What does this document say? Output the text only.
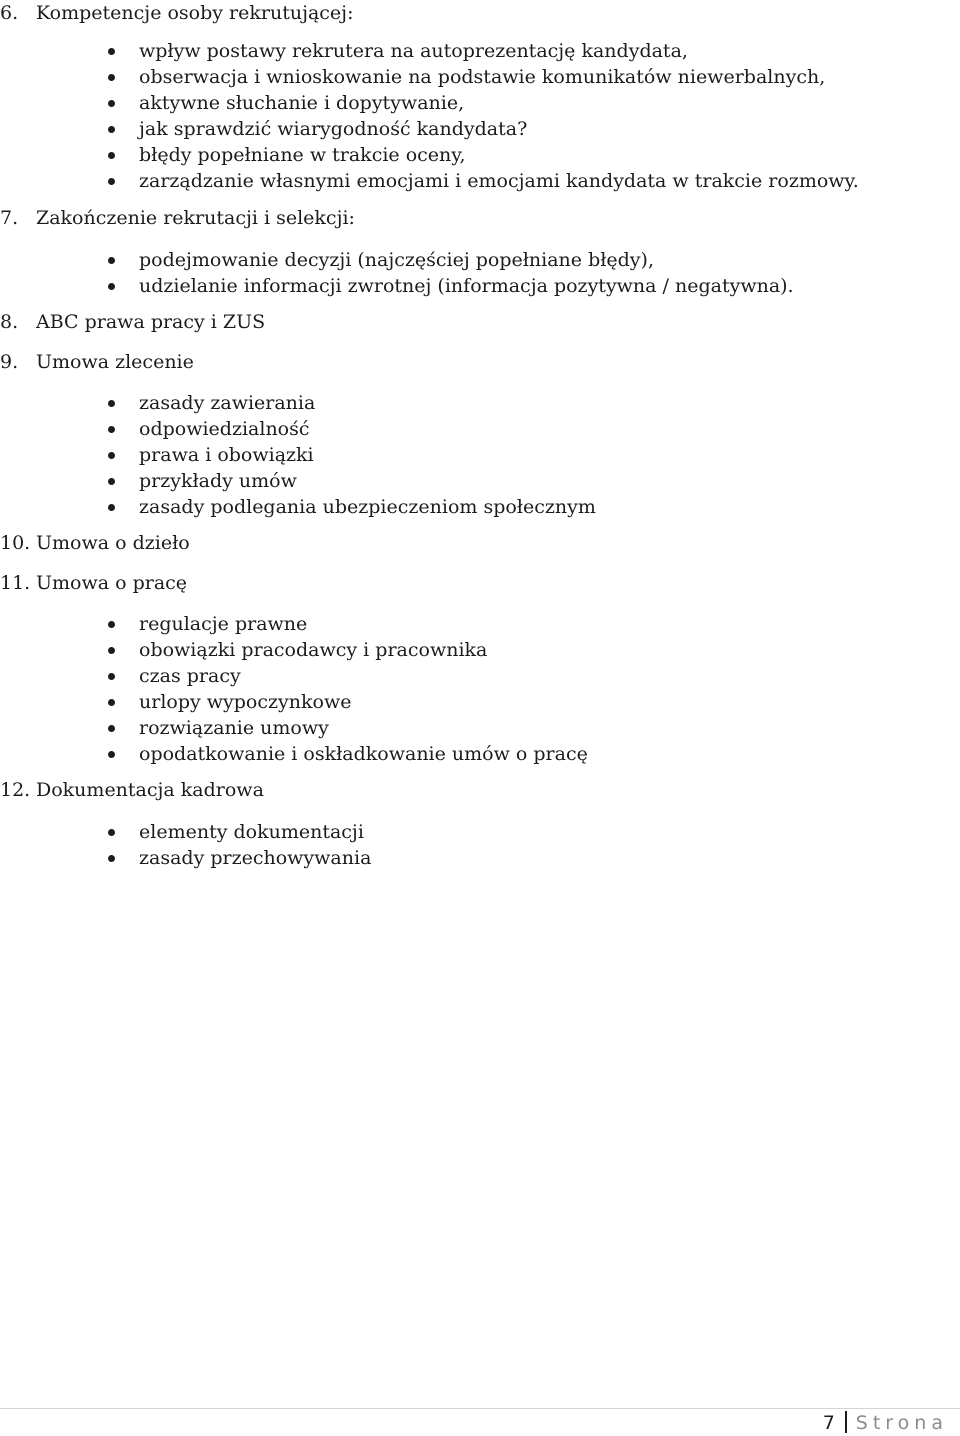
6. Kompetencje osoby rekrutującej:
wpływ postawy rekrutera na autoprezentację kandydata,
obserwacja i wnioskowanie na podstawie komunikatów niewerbalnych,
aktywne słuchanie i dopytywanie,
jak sprawdzić wiarygodność kandydata?
błędy popełniane w trakcie oceny,
zarządzanie własnymi emocjami i emocjami kandydata w trakcie rozmowy.
7. Zakończenie rekrutacji i selekcji:
podejmowanie decyzji (najczęściej popełniane błędy),
udzielanie informacji zwrotnej (informacja pozytywna / negatywna).
8. ABC prawa pracy i ZUS
9. Umowa zlecenie
zasady zawierania
odpowiedzialność
prawa i obowiązki
przykłady umów
zasady podlegania ubezpieczeniom społecznym
10. Umowa o dzieło
11. Umowa o pracę
regulacje prawne
obowiązki pracodawcy i pracownika
czas pracy
urlopy wypoczynkowe
rozwiązanie umowy
opodatkowanie i oskładkowanie umów o pracę
12. Dokumentacja kadrowa
elementy dokumentacji
zasady przechowywania
7 Strona
